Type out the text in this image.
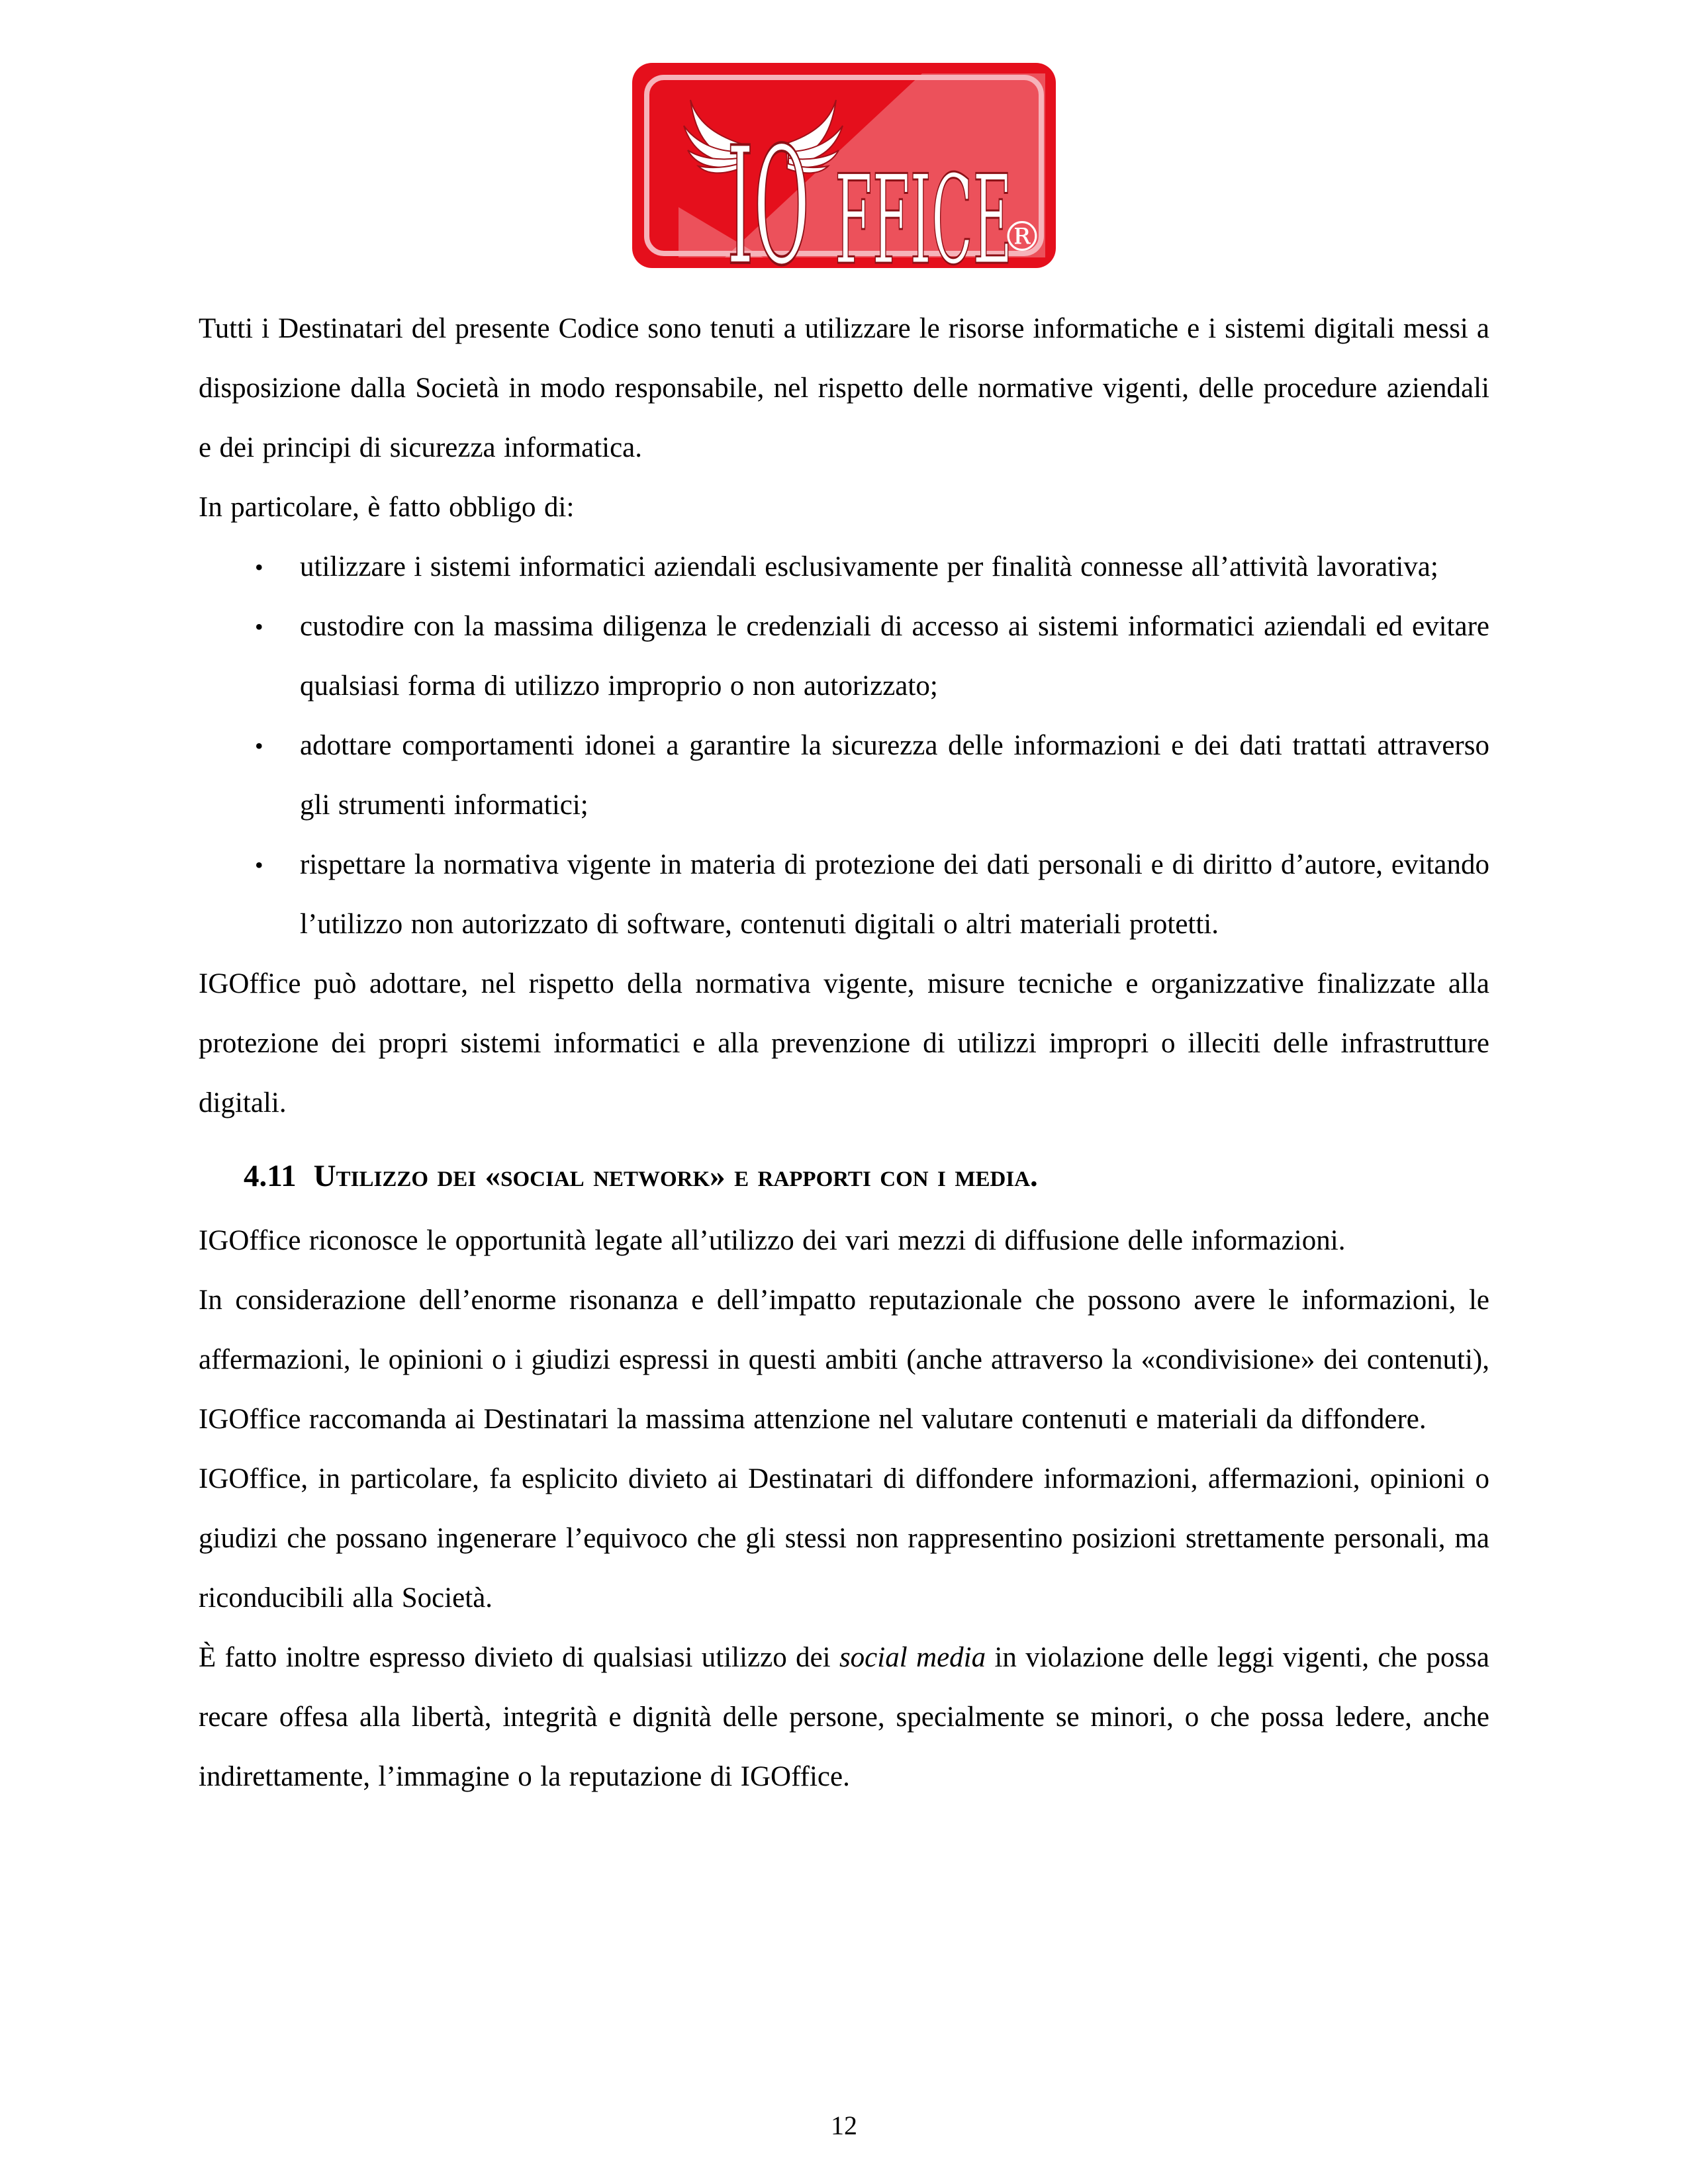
IO FFICE
®

Tutti i Destinatari del presente Codice sono tenuti a utilizzare le risorse informatiche e i sistemi digitali messi a disposizione dalla Società in modo responsabile, nel rispetto delle normative vigenti, delle procedure aziendali e dei principi di sicurezza informatica.

In particolare, è fatto obbligo di:

• utilizzare i sistemi informatici aziendali esclusivamente per finalità connesse all’attività lavorativa;
• custodire con la massima diligenza le credenziali di accesso ai sistemi informatici aziendali ed evitare qualsiasi forma di utilizzo improprio o non autorizzato;
• adottare comportamenti idonei a garantire la sicurezza delle informazioni e dei dati trattati attraverso gli strumenti informatici;
• rispettare la normativa vigente in materia di protezione dei dati personali e di diritto d’autore, evitando l’utilizzo non autorizzato di software, contenuti digitali o altri materiali protetti.

IGOffice può adottare, nel rispetto della normativa vigente, misure tecniche e organizzative finalizzate alla protezione dei propri sistemi informatici e alla prevenzione di utilizzi impropri o illeciti delle infrastrutture digitali.

4.11 Utilizzo dei «social network» e rapporti con i media.

IGOffice riconosce le opportunità legate all’utilizzo dei vari mezzi di diffusione delle informazioni.

In considerazione dell’enorme risonanza e dell’impatto reputazionale che possono avere le informazioni, le affermazioni, le opinioni o i giudizi espressi in questi ambiti (anche attraverso la «condivisione» dei contenuti), IGOffice raccomanda ai Destinatari la massima attenzione nel valutare contenuti e materiali da diffondere.

IGOffice, in particolare, fa esplicito divieto ai Destinatari di diffondere informazioni, affermazioni, opinioni o giudizi che possano ingenerare l’equivoco che gli stessi non rappresentino posizioni strettamente personali, ma riconducibili alla Società.

È fatto inoltre espresso divieto di qualsiasi utilizzo dei social media in violazione delle leggi vigenti, che possa recare offesa alla libertà, integrità e dignità delle persone, specialmente se minori, o che possa ledere, anche indirettamente, l’immagine o la reputazione di IGOffice.

12
